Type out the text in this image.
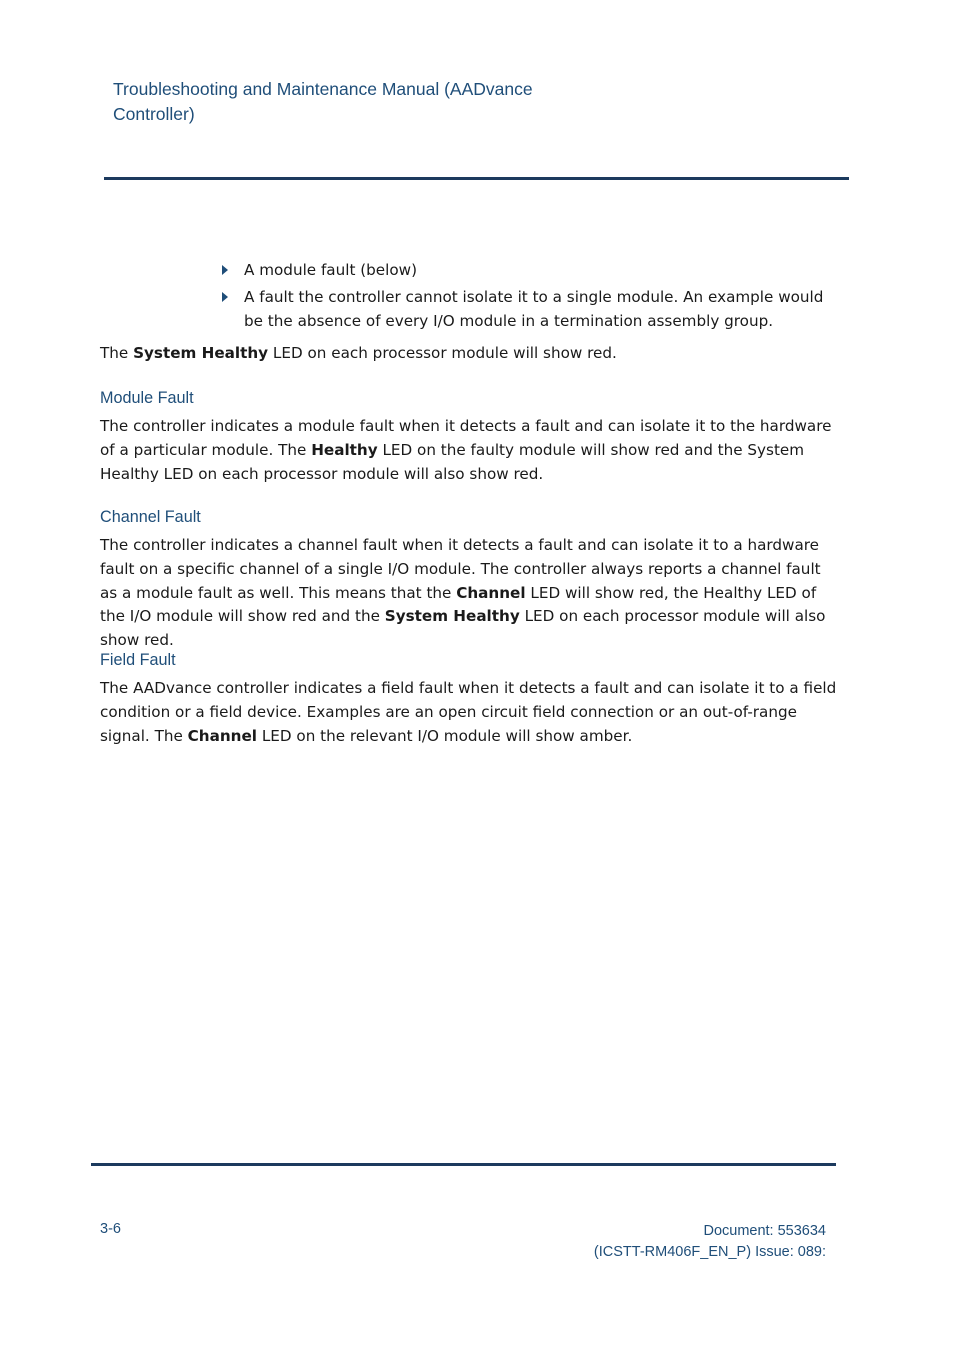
Troubleshooting and Maintenance Manual (AADvance
Controller)
A module fault (below)
A fault the controller cannot isolate it to a single module. An example would be the absence of every I/O module in a termination assembly group.

The System Healthy LED on each processor module will show red.

Module Fault

The controller indicates a module fault when it detects a fault and can isolate it to the hardware of a particular module. The Healthy LED on the faulty module will show red and the System Healthy LED on each processor module will also show red.

Channel Fault

The controller indicates a channel fault when it detects a fault and can isolate it to a hardware fault on a specific channel of a single I/O module. The controller always reports a channel fault as a module fault as well. This means that the Channel LED will show red, the Healthy LED of the I/O module will show red and the System Healthy LED on each processor module will also show red.

Field Fault

The AADvance controller indicates a field fault when it detects a fault and can isolate it to a field condition or a field device. Examples are an open circuit field connection or an out-of-range signal. The Channel LED on the relevant I/O module will show amber.

3-6	Document: 553634
(ICSTT-RM406F_EN_P) Issue: 089:
